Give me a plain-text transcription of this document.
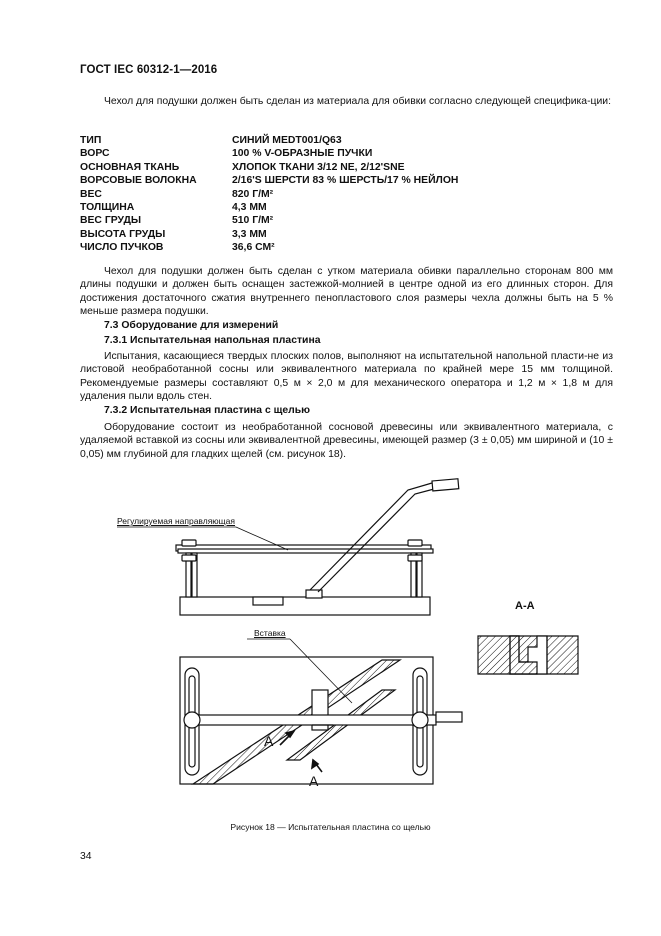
ГОСТ IEC 60312-1—2016
Чехол для подушки должен быть сделан из материала для обивки согласно следующей специфика-ции:
ТИП	СИНИЙ MEDT001/Q63
ВОРС	100 % V-ОБРАЗНЫЕ ПУЧКИ
ОСНОВНАЯ ТКАНЬ	ХЛОПОК ТКАНИ 3/12 NE, 2/12'SNE
ВОРСОВЫЕ ВОЛОКНА	2/16'S ШЕРСТИ 83 % ШЕРСТЬ/17 % НЕЙЛОН
ВЕС	820 Г/М²
ТОЛЩИНА	4,3 ММ
ВЕС ГРУДЫ	510 Г/М²
ВЫСОТА ГРУДЫ	3,3 ММ
ЧИСЛО ПУЧКОВ	36,6 СМ²
Чехол для подушки должен быть сделан с утком материала обивки параллельно сторонам 800 мм длины подушки и должен быть оснащен застежкой-молнией в центре одной из его длинных сторон. Для достижения достаточного сжатия внутреннего пенопластового слоя размеры чехла должны быть на 5 % меньше размера подушки.
7.3 Оборудование для измерений
7.3.1 Испытательная напольная пластина
Испытания, касающиеся твердых плоских полов, выполняют на испытательной напольной пласти-не из листовой необработанной сосны или эквивалентного материала по крайней мере 15 мм толщиной. Рекомендуемые размеры составляют 0,5 м × 2,0 м для механического оператора и 1,2 м × 1,8 м для удаления пыли вдоль стен.
7.3.2 Испытательная пластина с щелью
Оборудование состоит из необработанной сосновой древесины или эквивалентного материала, с удаляемой вставкой из сосны или эквивалентной древесины, имеющей размер (3 ± 0,05) мм шириной и (10 ± 0,05) мм глубиной для гладких щелей (см. рисунок 18).
Регулируемая направляющая
Вставка
А-А
А
А
Рисунок 18 — Испытательная пластина со щелью
34
